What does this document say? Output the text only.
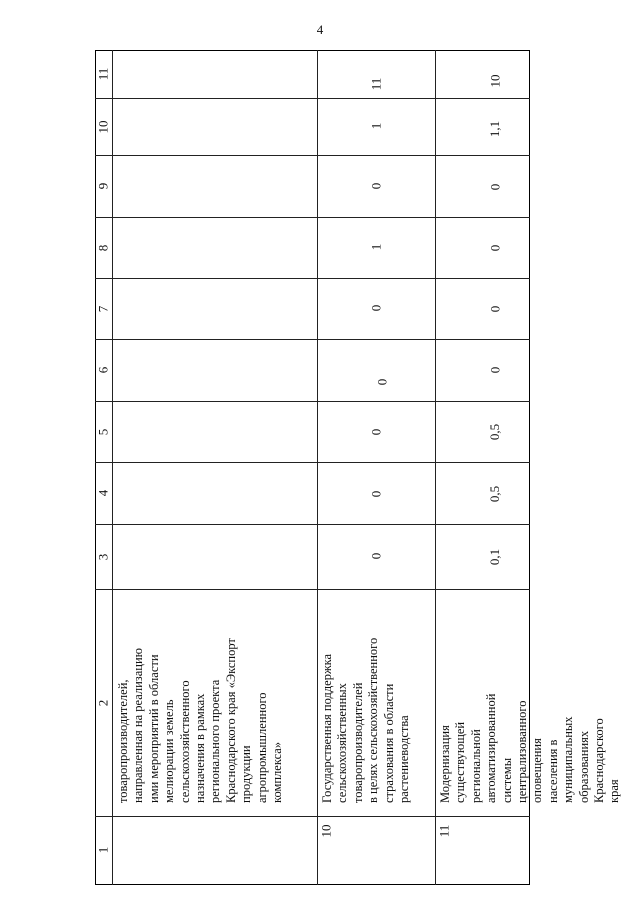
4
11
10
9
8
7
6
5
4
3
2
1
товаропроизводителей,
направленная на реализацию
ими мероприятий в области
мелиорации земель
сельскохозяйственного
назначения в рамках
регионального проекта
Краснодарского края «Экспорт
продукции
агропромышленного
комплекса»
10
Государственная поддержка
сельскохозяйственных
товаропроизводителей
в целях сельскохозяйственного
страхования в области
растениеводства
11
1
0
1
0
0
0
0
0
11
Модернизация существующей
региональной
автоматизированной системы
централизованного
оповещения населения в
муниципальных образованиях
Краснодарского края
10
1,1
0
0
0
0
0,5
0,5
0,1
